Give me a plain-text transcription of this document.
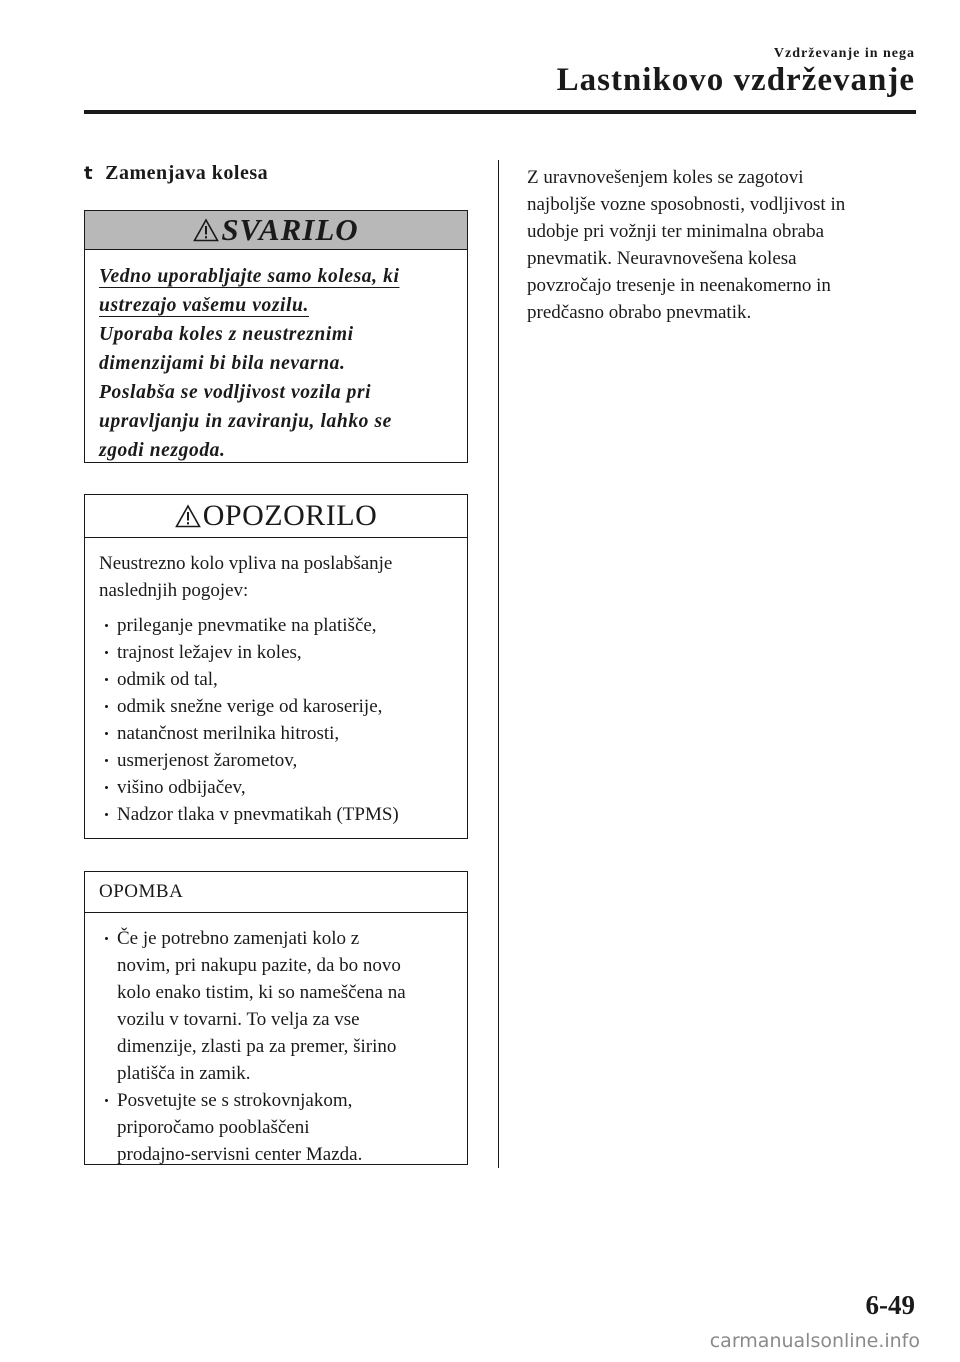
Vzdrževanje in nega
Lastnikovo vzdrževanje
t Zamenjava kolesa
SVARILO
Vedno uporabljajte samo kolesa, ki
ustrezajo vašemu vozilu.
Uporaba koles z neustreznimi
dimenzijami bi bila nevarna.
Poslabša se vodljivost vozila pri
upravljanju in zaviranju, lahko se
zgodi nezgoda.
OPOZORILO
Neustrezno kolo vpliva na poslabšanje
naslednjih pogojev:
prileganje pnevmatike na platišče,
trajnost ležajev in koles,
odmik od tal,
odmik snežne verige od karoserije,
natančnost merilnika hitrosti,
usmerjenost žarometov,
višino odbijačev,
Nadzor tlaka v pnevmatikah (TPMS)
OPOMBA
Če je potrebno zamenjati kolo z
novim, pri nakupu pazite, da bo novo
kolo enako tistim, ki so nameščena na
vozilu v tovarni. To velja za vse
dimenzije, zlasti pa za premer, širino
platišča in zamik.
Posvetujte se s strokovnjakom,
priporočamo pooblaščeni
prodajno-servisni center Mazda.
Z uravnovešenjem koles se zagotovi
najboljše vozne sposobnosti, vodljivost in
udobje pri vožnji ter minimalna obraba
pnevmatik. Neuravnovešena kolesa
povzročajo tresenje in neenakomerno in
predčasno obrabo pnevmatik.
6-49
carmanualsonline.info
